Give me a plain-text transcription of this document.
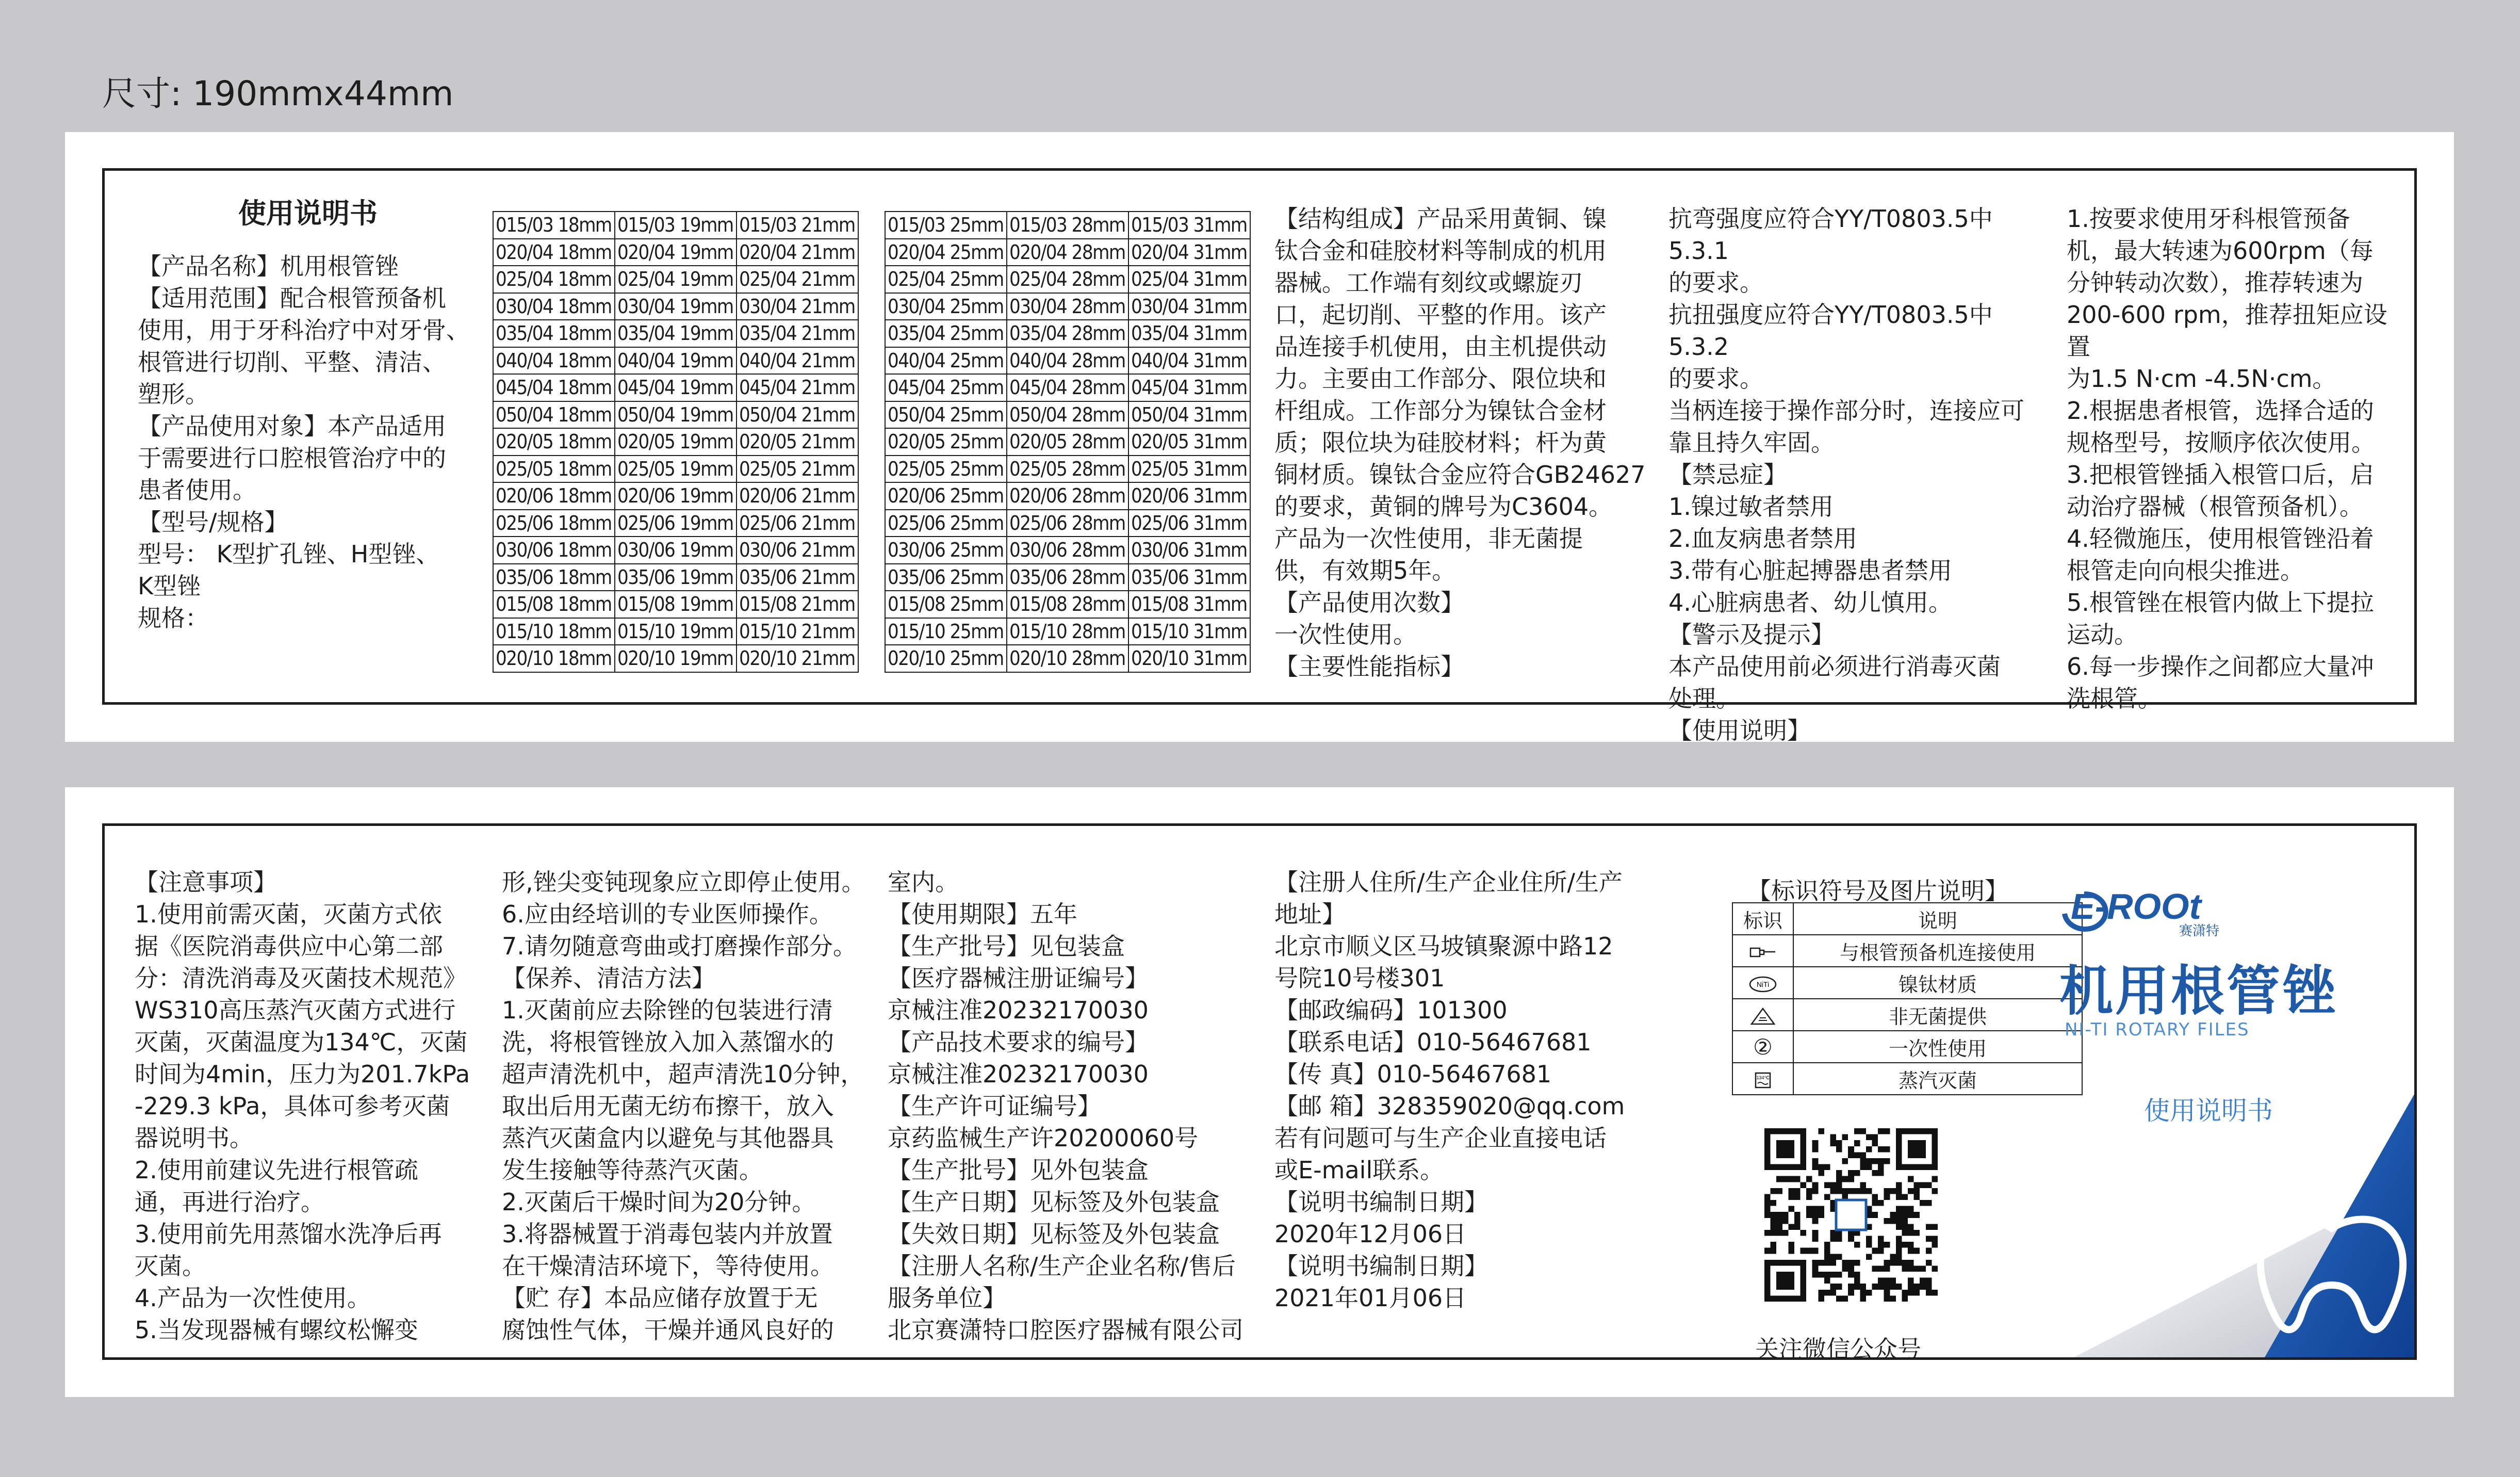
尺寸: 190mmx44mm
使用说明书

【产品名称】机用根管锉

【适用范围】配合根管预备机

使用，用于牙科治疗中对牙骨、

根管进行切削、平整、清洁、

塑形。

【产品使用对象】本产品适用

于需要进行口腔根管治疗中的

患者使用。

【型号/规格】

型号： K型扩孔锉、H型锉、

K型锉

规格：

015/03 18mm	015/03 19mm	015/03 21mm
020/04 18mm	020/04 19mm	020/04 21mm
025/04 18mm	025/04 19mm	025/04 21mm
030/04 18mm	030/04 19mm	030/04 21mm
035/04 18mm	035/04 19mm	035/04 21mm
040/04 18mm	040/04 19mm	040/04 21mm
045/04 18mm	045/04 19mm	045/04 21mm
050/04 18mm	050/04 19mm	050/04 21mm
020/05 18mm	020/05 19mm	020/05 21mm
025/05 18mm	025/05 19mm	025/05 21mm
020/06 18mm	020/06 19mm	020/06 21mm
025/06 18mm	025/06 19mm	025/06 21mm
030/06 18mm	030/06 19mm	030/06 21mm
035/06 18mm	035/06 19mm	035/06 21mm
015/08 18mm	015/08 19mm	015/08 21mm
015/10 18mm	015/10 19mm	015/10 21mm
020/10 18mm	020/10 19mm	020/10 21mm
015/03 25mm	015/03 28mm	015/03 31mm
020/04 25mm	020/04 28mm	020/04 31mm
025/04 25mm	025/04 28mm	025/04 31mm
030/04 25mm	030/04 28mm	030/04 31mm
035/04 25mm	035/04 28mm	035/04 31mm
040/04 25mm	040/04 28mm	040/04 31mm
045/04 25mm	045/04 28mm	045/04 31mm
050/04 25mm	050/04 28mm	050/04 31mm
020/05 25mm	020/05 28mm	020/05 31mm
025/05 25mm	025/05 28mm	025/05 31mm
020/06 25mm	020/06 28mm	020/06 31mm
025/06 25mm	025/06 28mm	025/06 31mm
030/06 25mm	030/06 28mm	030/06 31mm
035/06 25mm	035/06 28mm	035/06 31mm
015/08 25mm	015/08 28mm	015/08 31mm
015/10 25mm	015/10 28mm	015/10 31mm
020/10 25mm	020/10 28mm	020/10 31mm

【结构组成】产品采用黄铜、镍

钛合金和硅胶材料等制成的机用

器械。工作端有刻纹或螺旋刃

口，起切削、平整的作用。该产

品连接手机使用，由主机提供动

力。主要由工作部分、限位块和

杆组成。工作部分为镍钛合金材

质；限位块为硅胶材料；杆为黄

铜材质。镍钛合金应符合GB24627

的要求，黄铜的牌号为C3604。

产品为一次性使用，非无菌提

供，有效期5年。

【产品使用次数】

一次性使用。

【主要性能指标】

抗弯强度应符合YY/T0803.5中5.3.1

的要求。

抗扭强度应符合YY/T0803.5中5.3.2

的要求。

当柄连接于操作部分时，连接应可

靠且持久牢固。

【禁忌症】

1.镍过敏者禁用

2.血友病患者禁用

3.带有心脏起搏器患者禁用

4.心脏病患者、幼儿慎用。

【警示及提示】

本产品使用前必须进行消毒灭菌

处理。

【使用说明】

1.按要求使用牙科根管预备

机，最大转速为600rpm（每

分钟转动次数），推荐转速为

200-600 rpm，推荐扭矩应设置

为1.5 N·cm -4.5N·cm。

2.根据患者根管，选择合适的

规格型号，按顺序依次使用。

3.把根管锉插入根管口后，启

动治疗器械（根管预备机）。

4.轻微施压，使用根管锉沿着

根管走向向根尖推进。

5.根管锉在根管内做上下提拉

运动。

6.每一步操作之间都应大量冲

洗根管。

【注意事项】

1.使用前需灭菌，灭菌方式依

据《医院消毒供应中心第二部

分：清洗消毒及灭菌技术规范》

WS310高压蒸汽灭菌方式进行

灭菌，灭菌温度为134℃，灭菌

时间为4min，压力为201.7kPa

-229.3 kPa，具体可参考灭菌

器说明书。

2.使用前建议先进行根管疏

通，再进行治疗。

3.使用前先用蒸馏水洗净后再

灭菌。

4.产品为一次性使用。

5.当发现器械有螺纹松懈变

形,锉尖变钝现象应立即停止使用。

6.应由经培训的专业医师操作。

7.请勿随意弯曲或打磨操作部分。

【保养、清洁方法】

1.灭菌前应去除锉的包装进行清

洗，将根管锉放入加入蒸馏水的

超声清洗机中，超声清洗10分钟，

取出后用无菌无纺布擦干，放入

蒸汽灭菌盒内以避免与其他器具

发生接触等待蒸汽灭菌。

2.灭菌后干燥时间为20分钟。

3.将器械置于消毒包装内并放置

在干燥清洁环境下，等待使用。

【贮 存】本品应储存放置于无

腐蚀性气体，干燥并通风良好的

室内。

【使用期限】五年

【生产批号】见包装盒

【医疗器械注册证编号】

京械注准20232170030

【产品技术要求的编号】

京械注准20232170030

【生产许可证编号】

京药监械生产许20200060号

【生产批号】见外包装盒

【生产日期】见标签及外包装盒

【失效日期】见标签及外包装盒

【注册人名称/生产企业名称/售后

服务单位】

北京赛潇特口腔医疗器械有限公司

【注册人住所/生产企业住所/生产

地址】

北京市顺义区马坡镇聚源中路12

号院10号楼301

【邮政编码】101300

【联系电话】010-56467681

【传 真】010-56467681

【邮 箱】328359020@qq.com

若有问题可与生产企业直接电话

或E-mail联系。

【说明书编制日期】

2020年12月06日

【说明书编制日期】

2021年01月06日

【标识符号及图片说明】
标识	说明
	与根管预备机连接使用

NiTi	镍钛材质
	非无菌提供
②	一次性使用

134℃	蒸汽灭菌
关注微信公众号
E-ROOt
赛潇特
机用根管锉
NI-TI ROTARY FILES
使用说明书
